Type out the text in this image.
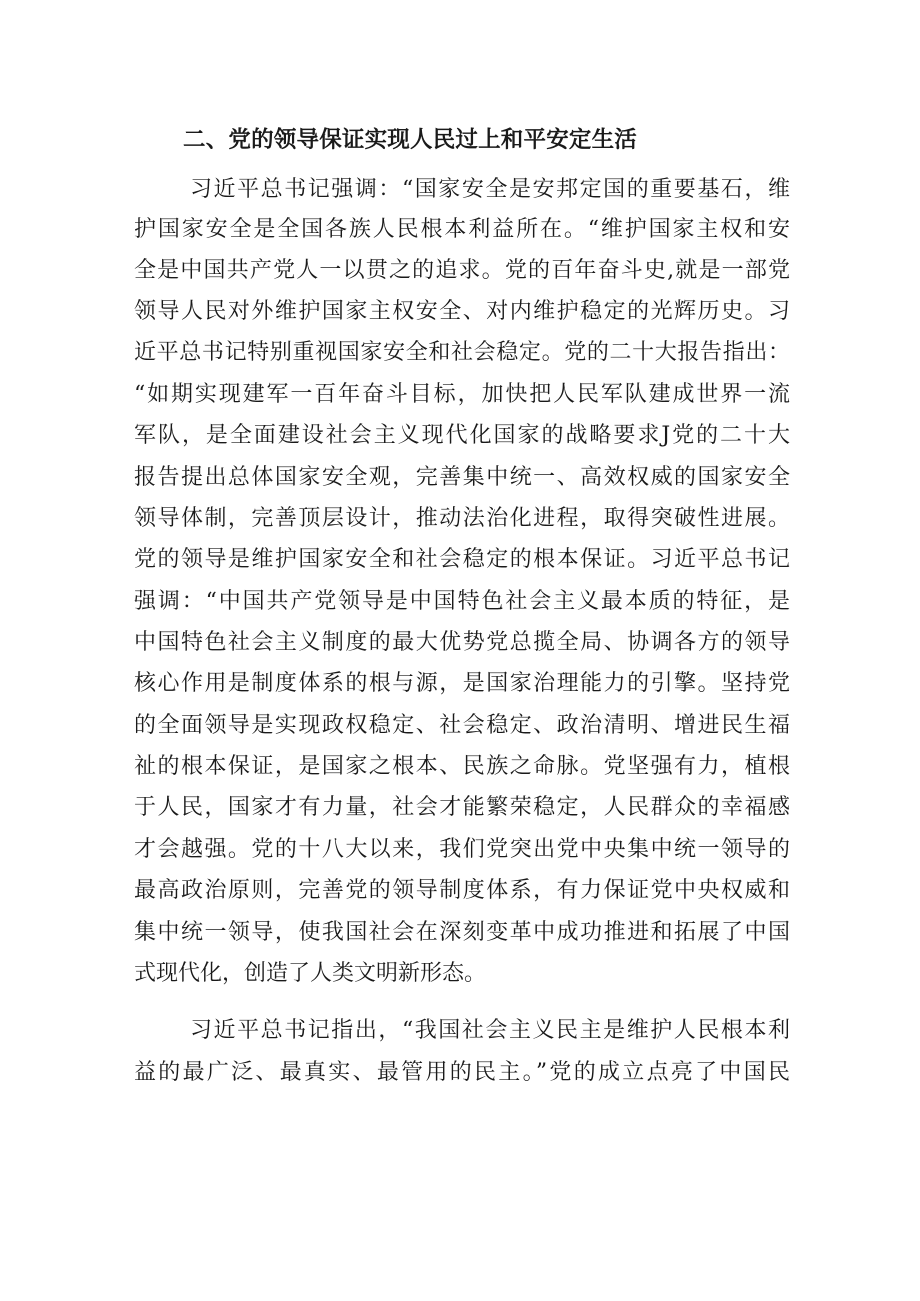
二、党的领导保证实现人民过上和平安定生活
习近平总书记强调：“国家安全是安邦定国的重要基石，维
护国家安全是全国各族人民根本利益所在。“维护国家主权和安
全是中国共产党人一以贯之的追求。党的百年奋斗史,就是一部党
领导人民对外维护国家主权安全、对内维护稳定的光辉历史。习
近平总书记特别重视国家安全和社会稳定。党的二十大报告指出：
“如期实现建军一百年奋斗目标，加快把人民军队建成世界一流
军队，是全面建设社会主义现代化国家的战略要求J党的二十大
报告提出总体国家安全观，完善集中统一、高效权威的国家安全
领导体制，完善顶层设计，推动法治化进程，取得突破性进展。
党的领导是维护国家安全和社会稳定的根本保证。习近平总书记
强调：“中国共产党领导是中国特色社会主义最本质的特征，是
中国特色社会主义制度的最大优势党总揽全局、协调各方的领导
核心作用是制度体系的根与源，是国家治理能力的引擎。坚持党
的全面领导是实现政权稳定、社会稳定、政治清明、增进民生福
祉的根本保证，是国家之根本、民族之命脉。党坚强有力，植根
于人民，国家才有力量，社会才能繁荣稳定，人民群众的幸福感
才会越强。党的十八大以来，我们党突出党中央集中统一领导的
最高政治原则，完善党的领导制度体系，有力保证党中央权威和
集中统一领导，使我国社会在深刻变革中成功推进和拓展了中国
式现代化，创造了人类文明新形态。
习近平总书记指出，“我国社会主义民主是维护人民根本利
益的最广泛、最真实、最管用的民主。”党的成立点亮了中国民
